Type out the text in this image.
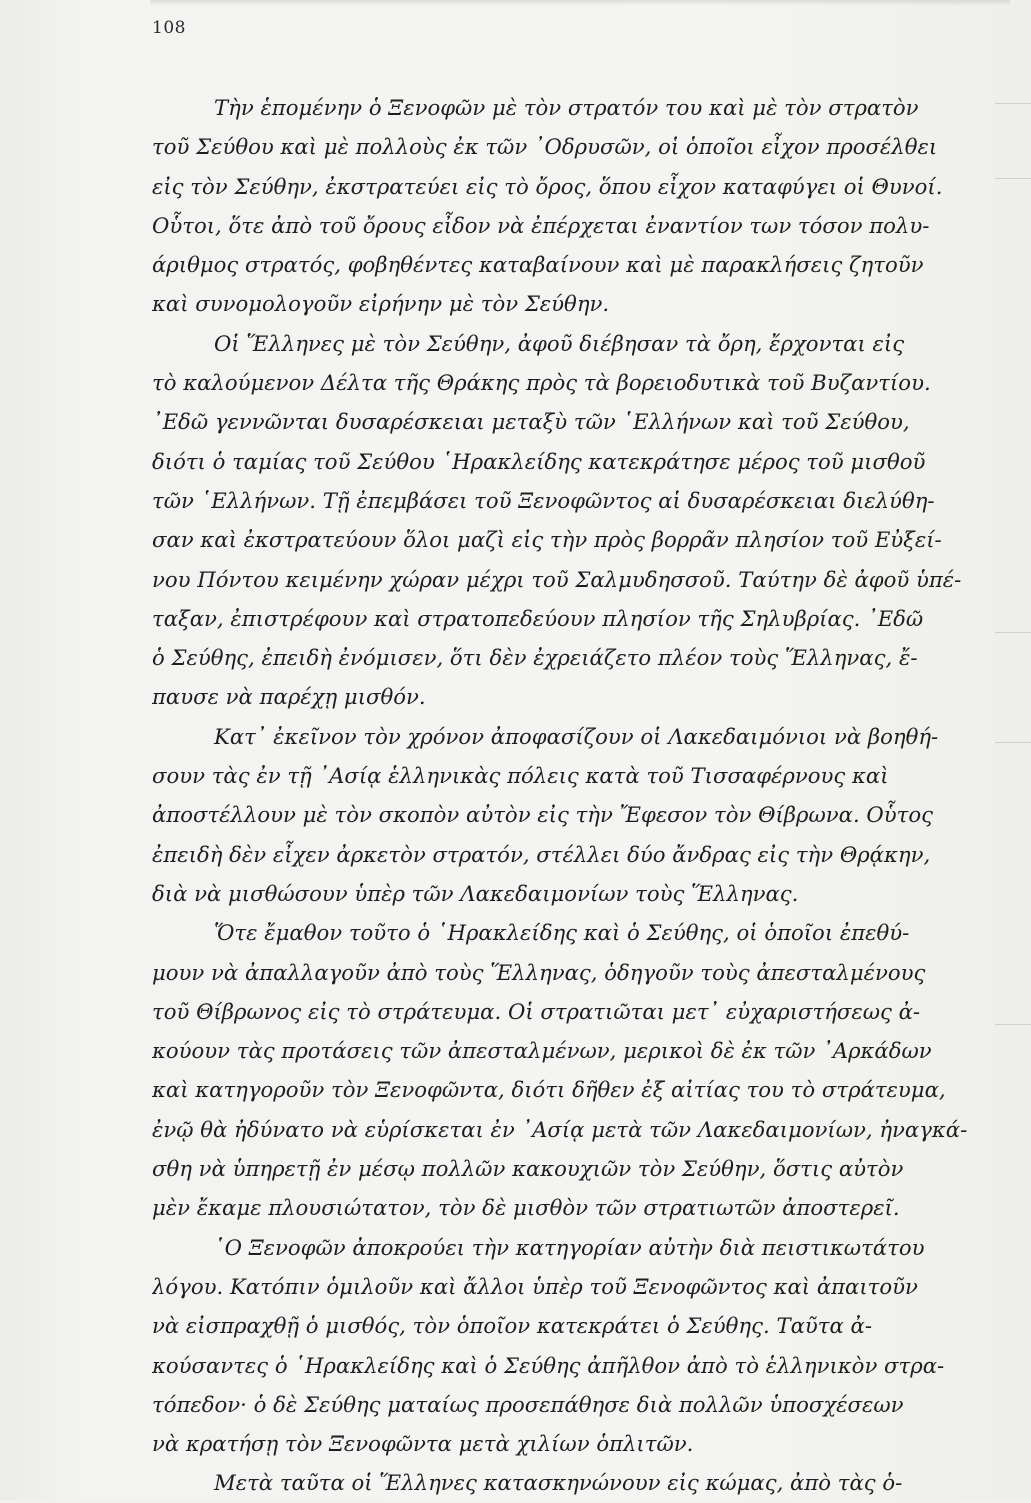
108
Τὴν ἑπομένην ὁ Ξενοφῶν μὲ τὸν στρατόν του καὶ μὲ τὸν στρατὸν
τοῦ Σεύθου καὶ μὲ πολλοὺς ἐκ τῶν ᾿Οδρυσῶν, οἱ ὁποῖοι εἶχον προσέλθει
εἰς τὸν Σεύθην, ἐκστρατεύει εἰς τὸ ὄρος, ὅπου εἶχον καταφύγει οἱ Θυνοί.
Οὗτοι, ὅτε ἀπὸ τοῦ ὄρους εἶδον νὰ ἐπέρχεται ἐναντίον των τόσον πολυ-
άριθμος στρατός, φοβηθέντες καταβαίνουν καὶ μὲ παρακλήσεις ζητοῦν
καὶ συνομολογοῦν εἰρήνην μὲ τὸν Σεύθην.
Οἱ Ἕλληνες μὲ τὸν Σεύθην, ἀφοῦ διέβησαν τὰ ὄρη, ἔρχονται εἰς
τὸ καλούμενον Δέλτα τῆς Θράκης πρὸς τὰ βορειοδυτικὰ τοῦ Βυζαντίου.
᾿Εδῶ γεννῶνται δυσαρέσκειαι μεταξὺ τῶν ῾Ελλήνων καὶ τοῦ Σεύθου,
διότι ὁ ταμίας τοῦ Σεύθου ῾Ηρακλείδης κατεκράτησε μέρος τοῦ μισθοῦ
τῶν ῾Ελλήνων. Τῇ ἐπεμβάσει τοῦ Ξενοφῶντος αἱ δυσαρέσκειαι διελύθη-
σαν καὶ ἐκστρατεύουν ὅλοι μαζὶ εἰς τὴν πρὸς βορρᾶν πλησίον τοῦ Εὐξεί-
νου Πόντου κειμένην χώραν μέχρι τοῦ Σαλμυδησσοῦ. Ταύτην δὲ ἀφοῦ ὑπέ-
ταξαν, ἐπιστρέφουν καὶ στρατοπεδεύουν πλησίον τῆς Σηλυβρίας. ᾿Εδῶ
ὁ Σεύθης, ἐπειδὴ ἐνόμισεν, ὅτι δὲν ἐχρειάζετο πλέον τοὺς Ἕλληνας, ἔ-
παυσε νὰ παρέχῃ μισθόν.
Κατ᾿ ἐκεῖνον τὸν χρόνον ἀποφασίζουν οἱ Λακεδαιμόνιοι νὰ βοηθή-
σουν τὰς ἐν τῇ ᾿Ασίᾳ ἑλληνικὰς πόλεις κατὰ τοῦ Τισσαφέρνους καὶ
ἀποστέλλουν μὲ τὸν σκοπὸν αὐτὸν εἰς τὴν Ἔφεσον τὸν Θίβρωνα. Οὗτος
ἐπειδὴ δὲν εἶχεν ἀρκετὸν στρατόν, στέλλει δύο ἄνδρας εἰς τὴν Θρᾴκην,
διὰ νὰ μισθώσουν ὑπὲρ τῶν Λακεδαιμονίων τοὺς Ἕλληνας.
Ὅτε ἔμαθον τοῦτο ὁ ῾Ηρακλείδης καὶ ὁ Σεύθης, οἱ ὁποῖοι ἐπεθύ-
μουν νὰ ἀπαλλαγοῦν ἀπὸ τοὺς Ἕλληνας, ὁδηγοῦν τοὺς ἀπεσταλμένους
τοῦ Θίβρωνος εἰς τὸ στράτευμα. Οἱ στρατιῶται μετ᾿ εὐχαριστήσεως ἀ-
κούουν τὰς προτάσεις τῶν ἀπεσταλμένων, μερικοὶ δὲ ἐκ τῶν ᾿Αρκάδων
καὶ κατηγοροῦν τὸν Ξενοφῶντα, διότι δῆθεν ἐξ αἰτίας του τὸ στράτευμα,
ἐνῷ θὰ ἠδύνατο νὰ εὑρίσκεται ἐν ᾿Ασίᾳ μετὰ τῶν Λακεδαιμονίων, ἠναγκά-
σθη νὰ ὑπηρετῇ ἐν μέσῳ πολλῶν κακουχιῶν τὸν Σεύθην, ὅστις αὐτὸν
μὲν ἔκαμε πλουσιώτατον, τὸν δὲ μισθὸν τῶν στρατιωτῶν ἀποστερεῖ.
῾Ο Ξενοφῶν ἀποκρούει τὴν κατηγορίαν αὐτὴν διὰ πειστικωτάτου
λόγου. Κατόπιν ὁμιλοῦν καὶ ἄλλοι ὑπὲρ τοῦ Ξενοφῶντος καὶ ἀπαιτοῦν
νὰ εἰσπραχθῇ ὁ μισθός, τὸν ὁποῖον κατεκράτει ὁ Σεύθης. Ταῦτα ἀ-
κούσαντες ὁ ῾Ηρακλείδης καὶ ὁ Σεύθης ἀπῆλθον ἀπὸ τὸ ἑλληνικὸν στρα-
τόπεδον· ὁ δὲ Σεύθης ματαίως προσεπάθησε διὰ πολλῶν ὑποσχέσεων
νὰ κρατήσῃ τὸν Ξενοφῶντα μετὰ χιλίων ὁπλιτῶν.
Μετὰ ταῦτα οἱ Ἕλληνες κατασκηνώνουν εἰς κώμας, ἀπὸ τὰς ὁ-
